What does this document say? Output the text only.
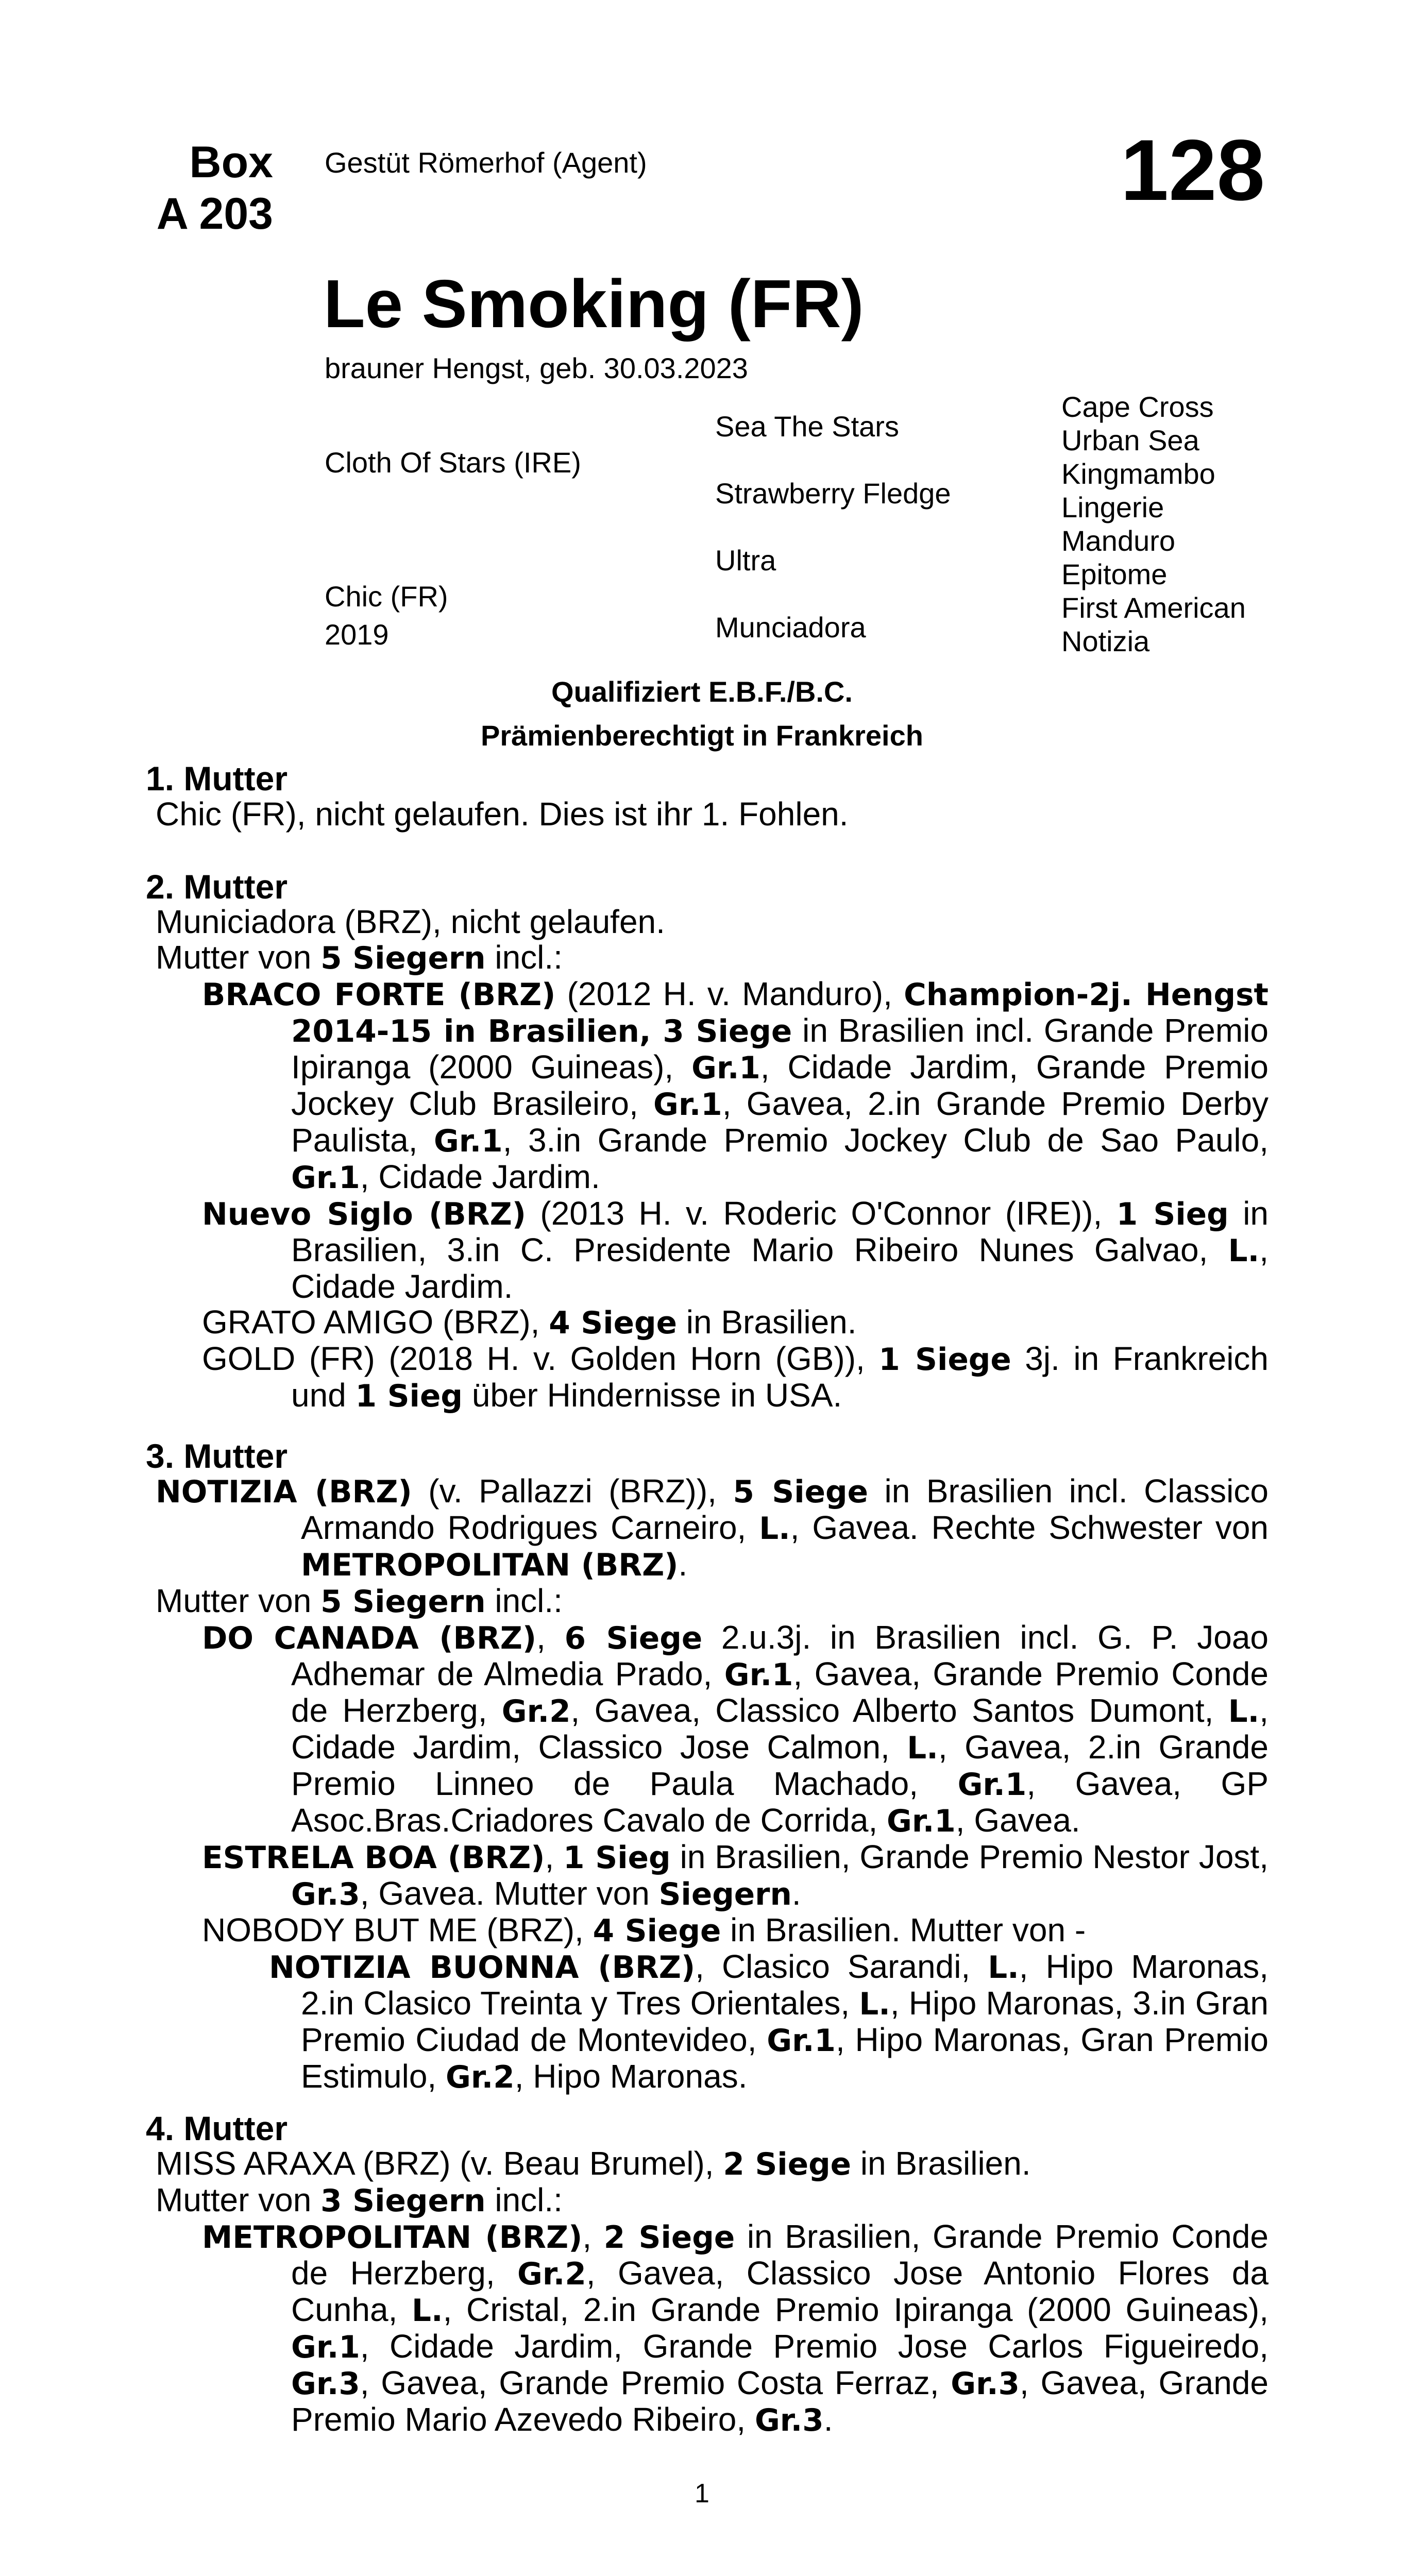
Box
A 203
Gestüt Römerhof (Agent)	128
Le Smoking (FR)
brauner Hengst, geb. 30.03.2023
Cloth Of Stars (IRE)
Chic (FR)
2019
Sea The Stars
Strawberry Fledge
Ultra
Munciadora
Cape Cross
Urban Sea
Kingmambo
Lingerie
Manduro
Epitome
First American
Notizia
Qualifiziert E.B.F./B.C.
Prämienberechtigt in Frankreich
1. Mutter
Chic (FR), nicht gelaufen. Dies ist ihr 1. Fohlen.
2. Mutter

Municiadora (BRZ), nicht gelaufen.

Mutter von 5 Siegern incl.:

BRACO FORTE (BRZ) (2012 H. v. Manduro), Champion-2j. Hengst 2014-15 in Brasilien, 3 Siege in Brasilien incl. Grande Premio Ipiranga (2000 Guineas), Gr.1, Cidade Jardim, Grande Premio Jockey Club Brasileiro, Gr.1, Gavea, 2.in Grande Premio Derby Paulista, Gr.1, 3.in Grande Premio Jockey Club de Sao Paulo, Gr.1, Cidade Jardim.

Nuevo Siglo (BRZ) (2013 H. v. Roderic O'Connor (IRE)), 1 Sieg in Brasilien, 3.in C. Presidente Mario Ribeiro Nunes Galvao, L., Cidade Jardim.

GRATO AMIGO (BRZ), 4 Siege in Brasilien.

GOLD (FR) (2018 H. v. Golden Horn (GB)), 1 Siege 3j. in Frankreich und 1 Sieg über Hindernisse in USA.

3. Mutter

NOTIZIA (BRZ) (v. Pallazzi (BRZ)), 5 Siege in Brasilien incl. Classico Armando Rodrigues Carneiro, L., Gavea. Rechte Schwester von METROPOLITAN (BRZ).

Mutter von 5 Siegern incl.:

DO CANADA (BRZ), 6 Siege 2.u.3j. in Brasilien incl. G. P. Joao Adhemar de Almedia Prado, Gr.1, Gavea, Grande Premio Conde de Herzberg, Gr.2, Gavea, Classico Alberto Santos Dumont, L., Cidade Jardim, Classico Jose Calmon, L., Gavea, 2.in Grande Premio Linneo de Paula Machado, Gr.1, Gavea, GP Asoc.Bras.Criadores Cavalo de Corrida, Gr.1, Gavea.

ESTRELA BOA (BRZ), 1 Sieg in Brasilien, Grande Premio Nestor Jost, Gr.3, Gavea. Mutter von Siegern.

NOBODY BUT ME (BRZ), 4 Siege in Brasilien. Mutter von -

NOTIZIA BUONNA (BRZ), Clasico Sarandi, L., Hipo Maronas, 2.in Clasico Treinta y Tres Orientales, L., Hipo Maronas, 3.in Gran Premio Ciudad de Montevideo, Gr.1, Hipo Maronas, Gran Premio Estimulo, Gr.2, Hipo Maronas.

4. Mutter

MISS ARAXA (BRZ) (v. Beau Brumel), 2 Siege in Brasilien.

Mutter von 3 Siegern incl.:

METROPOLITAN (BRZ), 2 Siege in Brasilien, Grande Premio Conde de Herzberg, Gr.2, Gavea, Classico Jose Antonio Flores da Cunha, L., Cristal, 2.in Grande Premio Ipiranga (2000 Guineas), Gr.1, Cidade Jardim, Grande Premio Jose Carlos Figueiredo, Gr.3, Gavea, Grande Premio Costa Ferraz, Gr.3, Gavea, Grande Premio Mario Azevedo Ribeiro, Gr.3.

1
